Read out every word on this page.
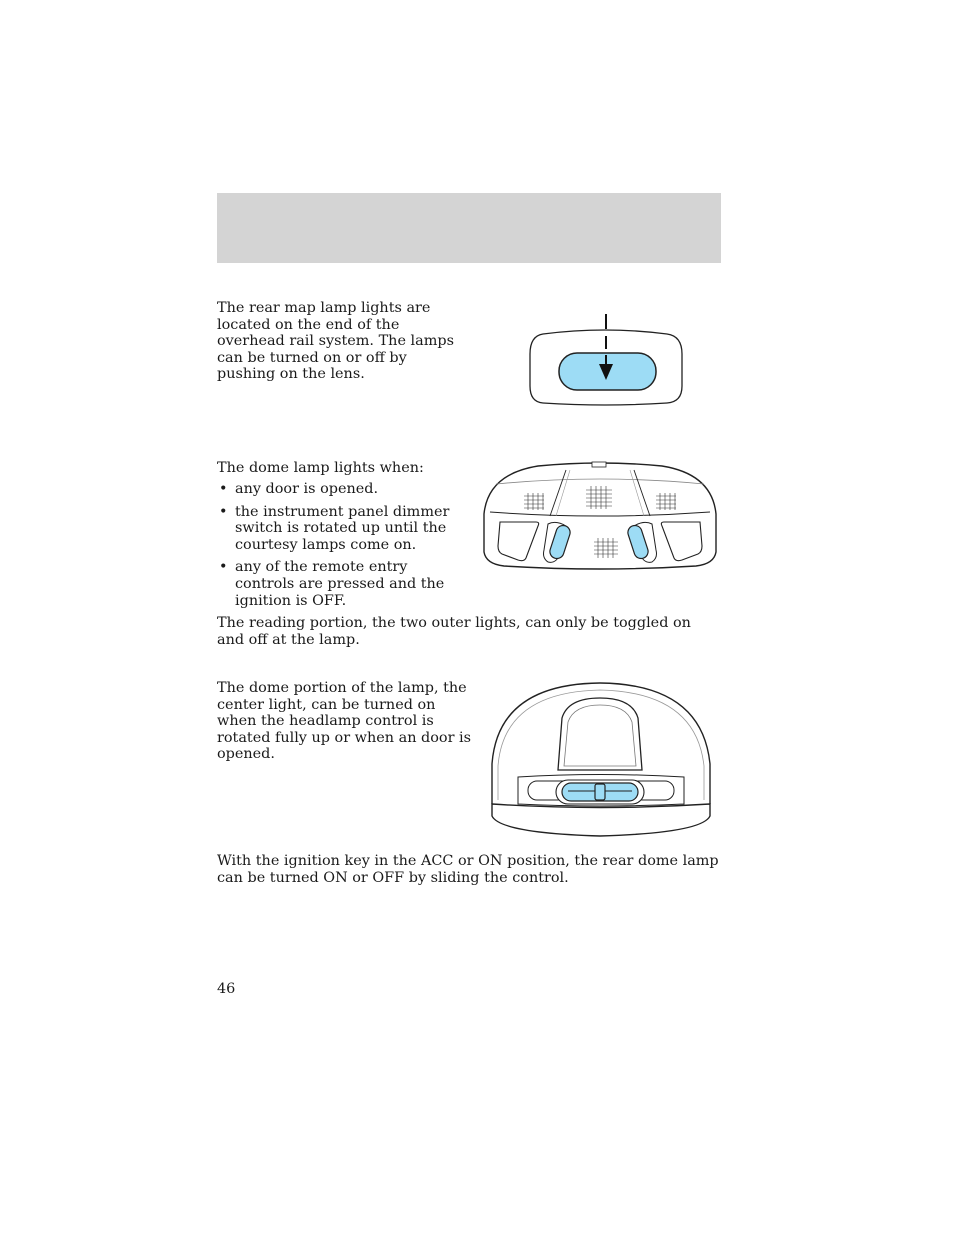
The rear map lamp lights are located on the end of the overhead rail system. The lamps can be turned on or off by pushing on the lens.

The dome lamp lights when:

• any door is opened.
• the instrument panel dimmer switch is rotated up until the courtesy lamps come on.
• any of the remote entry controls are pressed and the ignition is OFF.

The reading portion, the two outer lights, can only be toggled on and off at the lamp.

The dome portion of the lamp, the center light, can be turned on when the headlamp control is rotated fully up or when an door is opened.

With the ignition key in the ACC or ON position, the rear dome lamp can be turned ON or OFF by sliding the control.

46
